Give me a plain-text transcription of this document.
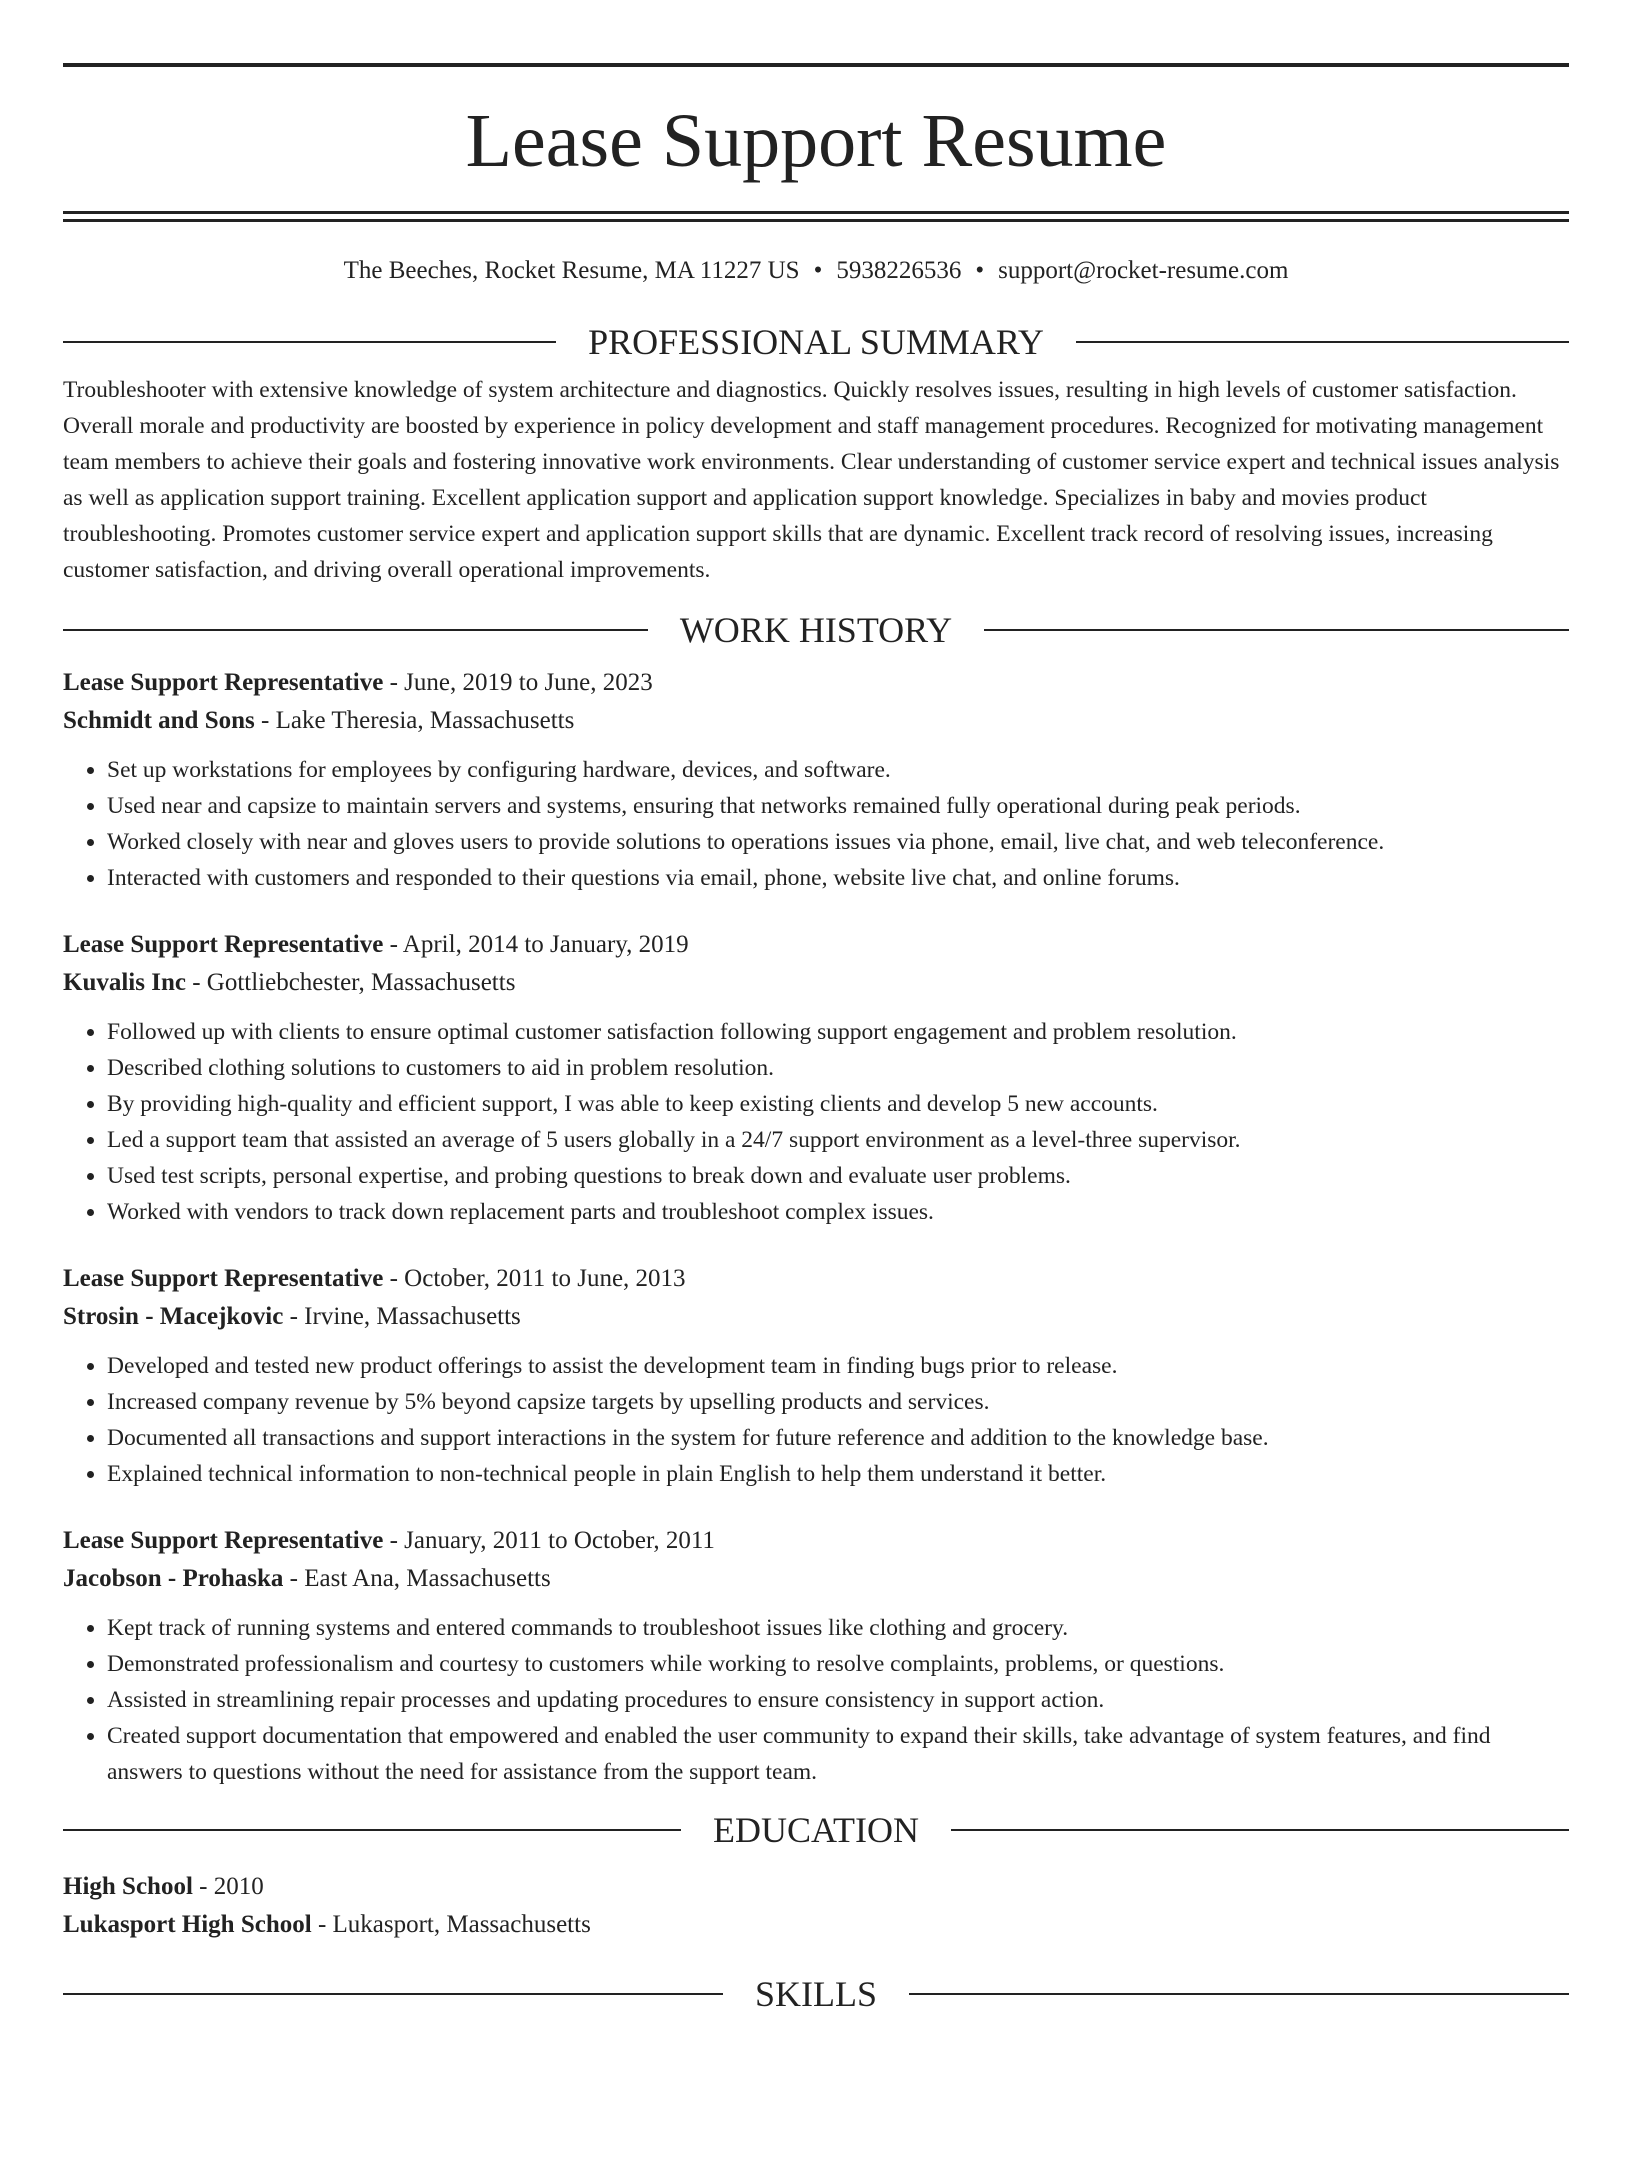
Lease Support Resume
The Beeches, Rocket Resume, MA 11227 US • 5938226536 • support@rocket-resume.com
PROFESSIONAL SUMMARY
Troubleshooter with extensive knowledge of system architecture and diagnostics. Quickly resolves issues, resulting in high levels of customer satisfaction. Overall morale and productivity are boosted by experience in policy development and staff management procedures. Recognized for motivating management team members to achieve their goals and fostering innovative work environments. Clear understanding of customer service expert and technical issues analysis as well as application support training. Excellent application support and application support knowledge. Specializes in baby and movies product troubleshooting. Promotes customer service expert and application support skills that are dynamic. Excellent track record of resolving issues, increasing customer satisfaction, and driving overall operational improvements.
WORK HISTORY
Lease Support Representative - June, 2019 to June, 2023
Schmidt and Sons - Lake Theresia, Massachusetts
• Set up workstations for employees by configuring hardware, devices, and software.
• Used near and capsize to maintain servers and systems, ensuring that networks remained fully operational during peak periods.
• Worked closely with near and gloves users to provide solutions to operations issues via phone, email, live chat, and web teleconference.
• Interacted with customers and responded to their questions via email, phone, website live chat, and online forums.
Lease Support Representative - April, 2014 to January, 2019
Kuvalis Inc - Gottliebchester, Massachusetts
• Followed up with clients to ensure optimal customer satisfaction following support engagement and problem resolution.
• Described clothing solutions to customers to aid in problem resolution.
• By providing high-quality and efficient support, I was able to keep existing clients and develop 5 new accounts.
• Led a support team that assisted an average of 5 users globally in a 24/7 support environment as a level-three supervisor.
• Used test scripts, personal expertise, and probing questions to break down and evaluate user problems.
• Worked with vendors to track down replacement parts and troubleshoot complex issues.
Lease Support Representative - October, 2011 to June, 2013
Strosin - Macejkovic - Irvine, Massachusetts
• Developed and tested new product offerings to assist the development team in finding bugs prior to release.
• Increased company revenue by 5% beyond capsize targets by upselling products and services.
• Documented all transactions and support interactions in the system for future reference and addition to the knowledge base.
• Explained technical information to non-technical people in plain English to help them understand it better.
Lease Support Representative - January, 2011 to October, 2011
Jacobson - Prohaska - East Ana, Massachusetts
• Kept track of running systems and entered commands to troubleshoot issues like clothing and grocery.
• Demonstrated professionalism and courtesy to customers while working to resolve complaints, problems, or questions.
• Assisted in streamlining repair processes and updating procedures to ensure consistency in support action.
• Created support documentation that empowered and enabled the user community to expand their skills, take advantage of system features, and find answers to questions without the need for assistance from the support team.
EDUCATION
High School - 2010
Lukasport High School - Lukasport, Massachusetts
SKILLS
